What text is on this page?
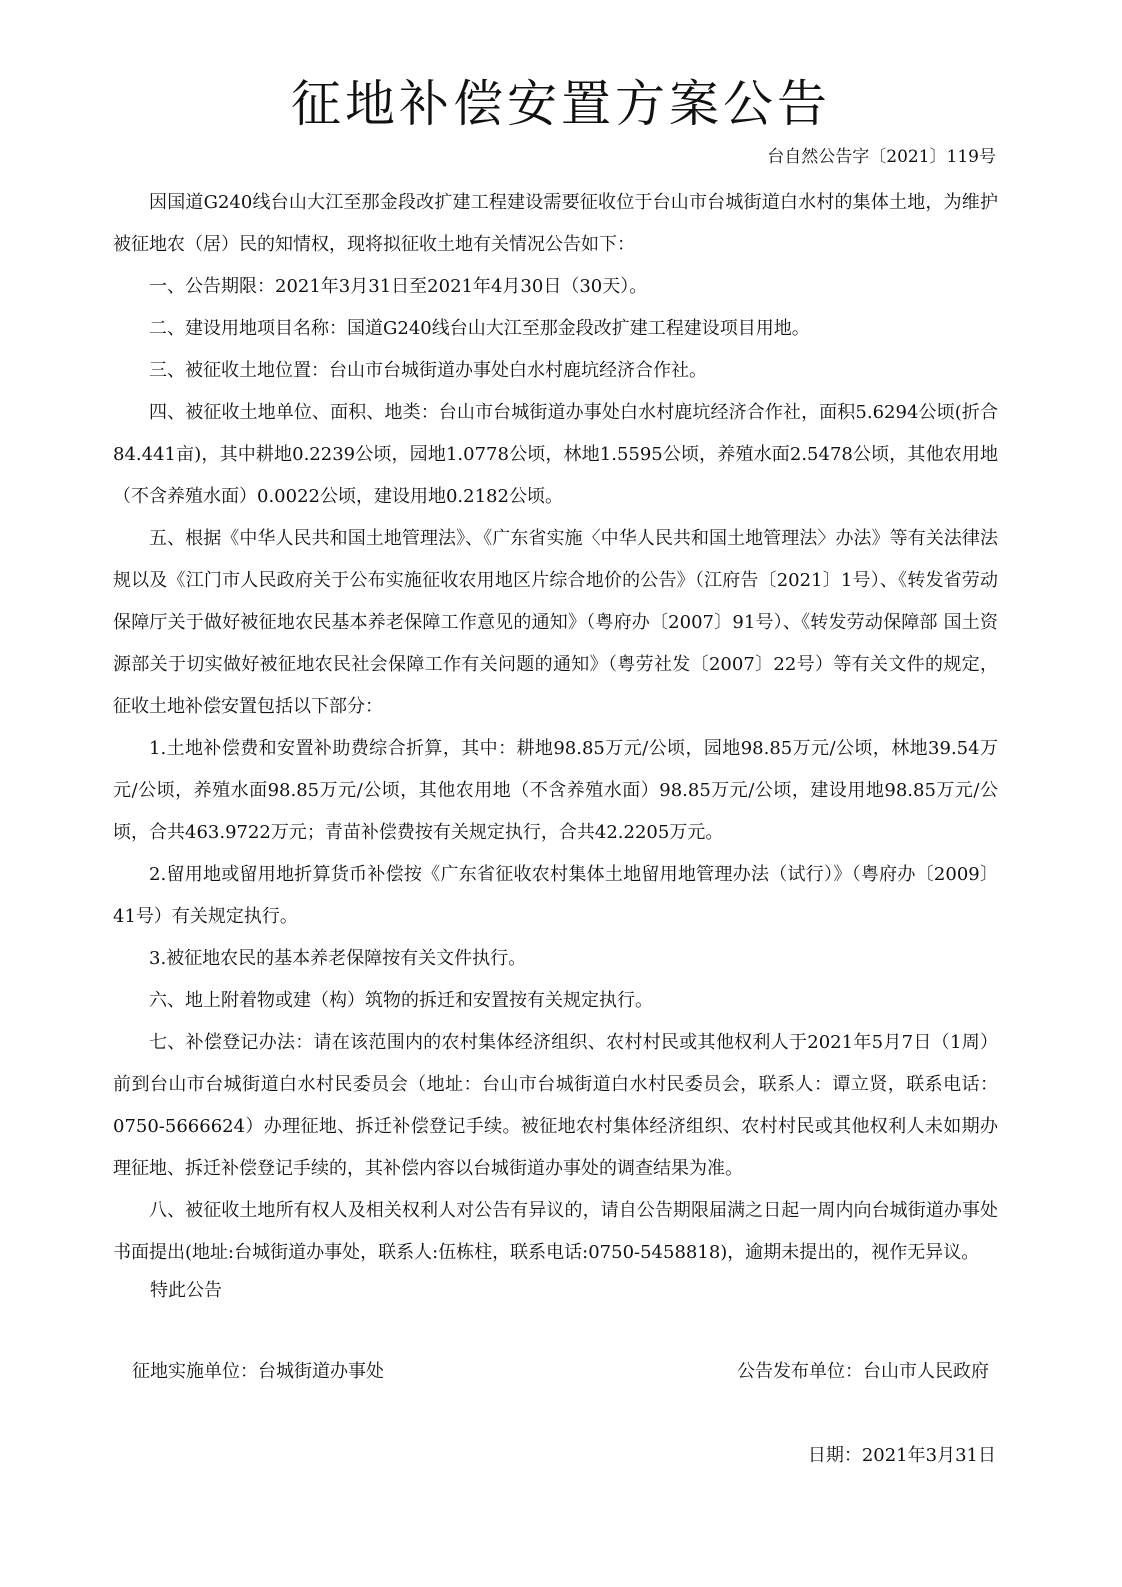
征地补偿安置方案公告
台自然公告字〔2021〕119号

因国道G240线台山大江至那金段改扩建工程建设需要征收位于台山市台城街道白水村的集体土地，为维护被征地农（居）民的知情权，现将拟征收土地有关情况公告如下：

一、公告期限：2021年3月31日至2021年4月30日（30天）。

二、建设用地项目名称：国道G240线台山大江至那金段改扩建工程建设项目用地。

三、被征收土地位置：台山市台城街道办事处白水村鹿坑经济合作社。

四、被征收土地单位、面积、地类：台山市台城街道办事处白水村鹿坑经济合作社，面积5.6294公顷(折合84.441亩)，其中耕地0.2239公顷，园地1.0778公顷，林地1.5595公顷，养殖水面2.5478公顷，其他农用地（不含养殖水面）0.0022公顷，建设用地0.2182公顷。

五、根据《中华人民共和国土地管理法》、《广东省实施〈中华人民共和国土地管理法〉办法》等有关法律法规以及《江门市人民政府关于公布实施征收农用地区片综合地价的公告》（江府告〔2021〕1号）、《转发省劳动保障厅关于做好被征地农民基本养老保障工作意见的通知》（粤府办〔2007〕91号）、《转发劳动保障部 国土资源部关于切实做好被征地农民社会保障工作有关问题的通知》（粤劳社发〔2007〕22号）等有关文件的规定，征收土地补偿安置包括以下部分：

1.土地补偿费和安置补助费综合折算，其中：耕地98.85万元/公顷，园地98.85万元/公顷，林地39.54万元/公顷，养殖水面98.85万元/公顷，其他农用地（不含养殖水面）98.85万元/公顷，建设用地98.85万元/公顷，合共463.9722万元；青苗补偿费按有关规定执行，合共42.2205万元。

2.留用地或留用地折算货币补偿按《广东省征收农村集体土地留用地管理办法（试行）》（粤府办〔2009〕41号）有关规定执行。

3.被征地农民的基本养老保障按有关文件执行。

六、地上附着物或建（构）筑物的拆迁和安置按有关规定执行。

七、补偿登记办法：请在该范围内的农村集体经济组织、农村村民或其他权利人于2021年5月7日（1周）前到台山市台城街道白水村民委员会（地址：台山市台城街道白水村民委员会，联系人：谭立贤，联系电话：0750-5666624）办理征地、拆迁补偿登记手续。被征地农村集体经济组织、农村村民或其他权利人未如期办理征地、拆迁补偿登记手续的，其补偿内容以台城街道办事处的调查结果为准。

八、被征收土地所有权人及相关权利人对公告有异议的，请自公告期限届满之日起一周内向台城街道办事处书面提出(地址:台城街道办事处，联系人:伍栋柱，联系电话:0750-5458818)，逾期未提出的，视作无异议。

特此公告
征地实施单位：台城街道办事处	公告发布单位：台山市人民政府
日期：2021年3月31日
